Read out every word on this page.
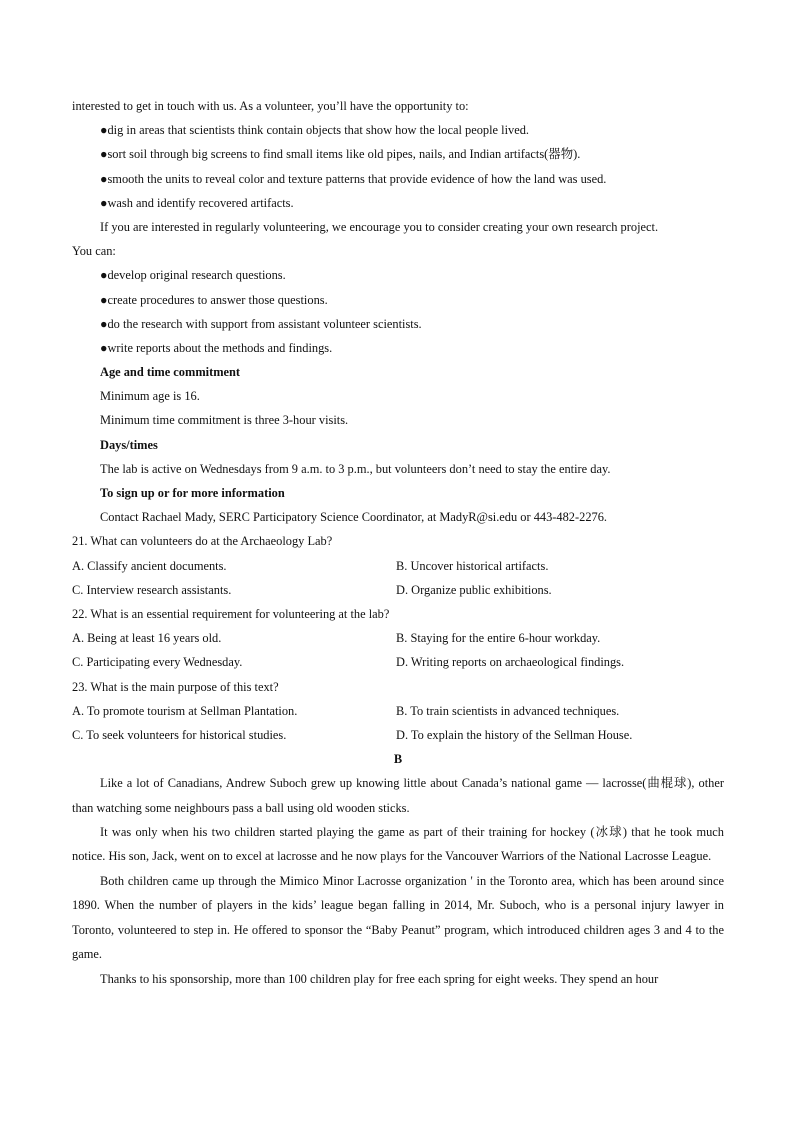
interested to get in touch with us. As a volunteer, you’ll have the opportunity to:
●dig in areas that scientists think contain objects that show how the local people lived.
●sort soil through big screens to find small items like old pipes, nails, and Indian artifacts(器物).
●smooth the units to reveal color and texture patterns that provide evidence of how the land was used.
●wash and identify recovered artifacts.
If you are interested in regularly volunteering, we encourage you to consider creating your own research project.
You can:
●develop original research questions.
●create procedures to answer those questions.
●do the research with support from assistant volunteer scientists.
●write reports about the methods and findings.
Age and time commitment
Minimum age is 16.
Minimum time commitment is three 3-hour visits.
Days/times
The lab is active on Wednesdays from 9 a.m. to 3 p.m., but volunteers don’t need to stay the entire day.
To sign up or for more information
Contact Rachael Mady, SERC Participatory Science Coordinator, at MadyR@si.edu or 443-482-2276.
21. What can volunteers do at the Archaeology Lab?
A. Classify ancient documents.	B. Uncover historical artifacts.
C. Interview research assistants.	D. Organize public exhibitions.
22. What is an essential requirement for volunteering at the lab?
A. Being at least 16 years old.	B. Staying for the entire 6-hour workday.
C. Participating every Wednesday.	D. Writing reports on archaeological findings.
23. What is the main purpose of this text?
A. To promote tourism at Sellman Plantation.	B. To train scientists in advanced techniques.
C. To seek volunteers for historical studies.	D. To explain the history of the Sellman House.
B

Like a lot of Canadians, Andrew Suboch grew up knowing little about Canada’s national game — lacrosse(曲棍球), other than watching some neighbours pass a ball using old wooden sticks.

It was only when his two children started playing the game as part of their training for hockey (冰球) that he took much notice. His son, Jack, went on to excel at lacrosse and he now plays for the Vancouver Warriors of the National Lacrosse League.

Both children came up through the Mimico Minor Lacrosse organization ' in the Toronto area, which has been around since 1890. When the number of players in the kids’ league began falling in 2014, Mr. Suboch, who is a personal injury lawyer in Toronto, volunteered to step in. He offered to sponsor the “Baby Peanut” program, which introduced children ages 3 and 4 to the game.

Thanks to his sponsorship, more than 100 children play for free each spring for eight weeks. They spend an hour
